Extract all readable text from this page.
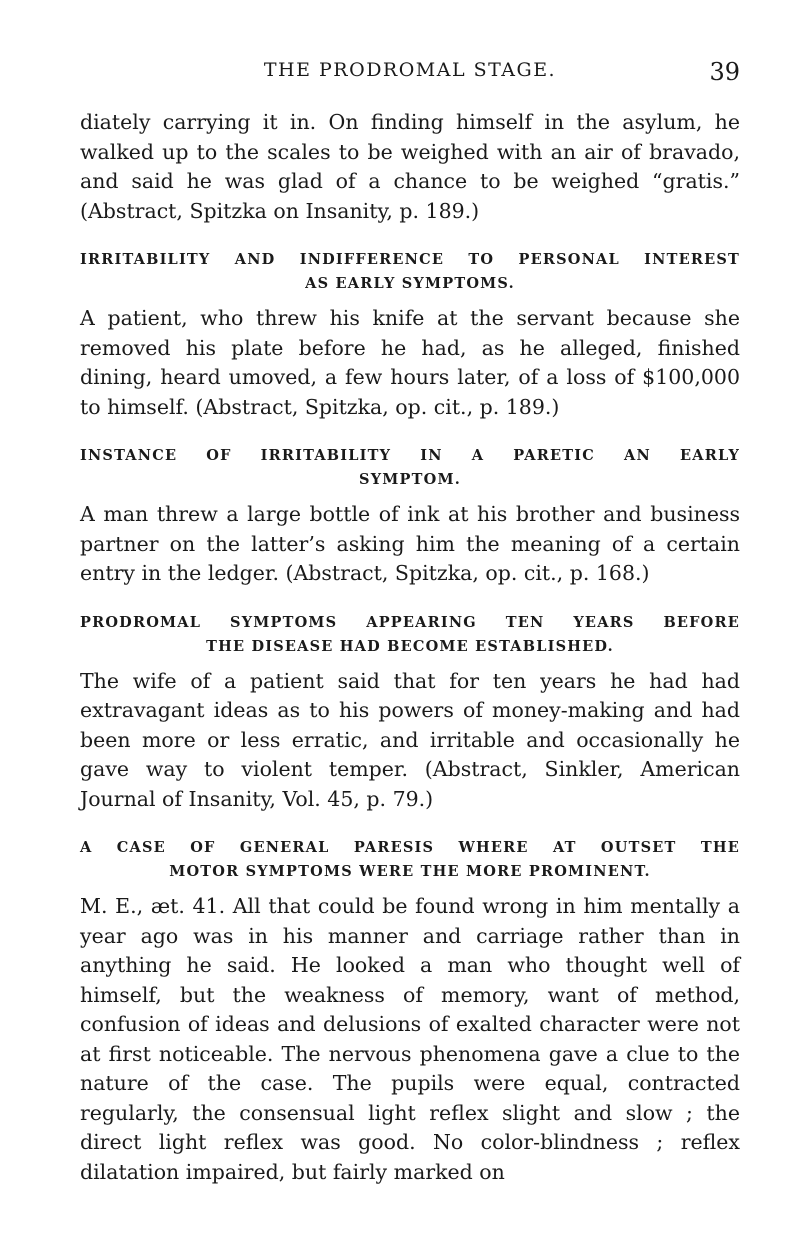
THE PRODROMAL STAGE.	39

diately carrying it in. On finding himself in the asylum, he walked up to the scales to be weighed with an air of bravado, and said he was glad of a chance to be weighed “gratis.” (Abstract, Spitzka on Insanity, p. 189.)

IRRITABILITY AND INDIFFERENCE TO PERSONAL INTEREST
AS EARLY SYMPTOMS.

A patient, who threw his knife at the servant because she removed his plate before he had, as he alleged, finished dining, heard umoved, a few hours later, of a loss of $100,000 to himself. (Abstract, Spitzka, op. cit., p. 189.)

INSTANCE OF IRRITABILITY IN A PARETIC AN EARLY
SYMPTOM.

A man threw a large bottle of ink at his brother and business partner on the latter’s asking him the meaning of a certain entry in the ledger. (Abstract, Spitzka, op. cit., p. 168.)

PRODROMAL SYMPTOMS APPEARING TEN YEARS BEFORE
THE DISEASE HAD BECOME ESTABLISHED.

The wife of a patient said that for ten years he had had extravagant ideas as to his powers of money-making and had been more or less erratic, and irritable and occasionally he gave way to violent temper. (Abstract, Sinkler, American Journal of Insanity, Vol. 45, p. 79.)

A CASE OF GENERAL PARESIS WHERE AT OUTSET THE
MOTOR SYMPTOMS WERE THE MORE PROMINENT.

M. E., æt. 41. All that could be found wrong in him mentally a year ago was in his manner and carriage rather than in anything he said. He looked a man who thought well of himself, but the weakness of memory, want of method, confusion of ideas and delusions of exalted character were not at first noticeable. The nervous phenomena gave a clue to the nature of the case. The pupils were equal, contracted regularly, the consensual light reflex slight and slow ; the direct light reflex was good. No color-blindness ; reflex dilatation impaired, but fairly marked on
